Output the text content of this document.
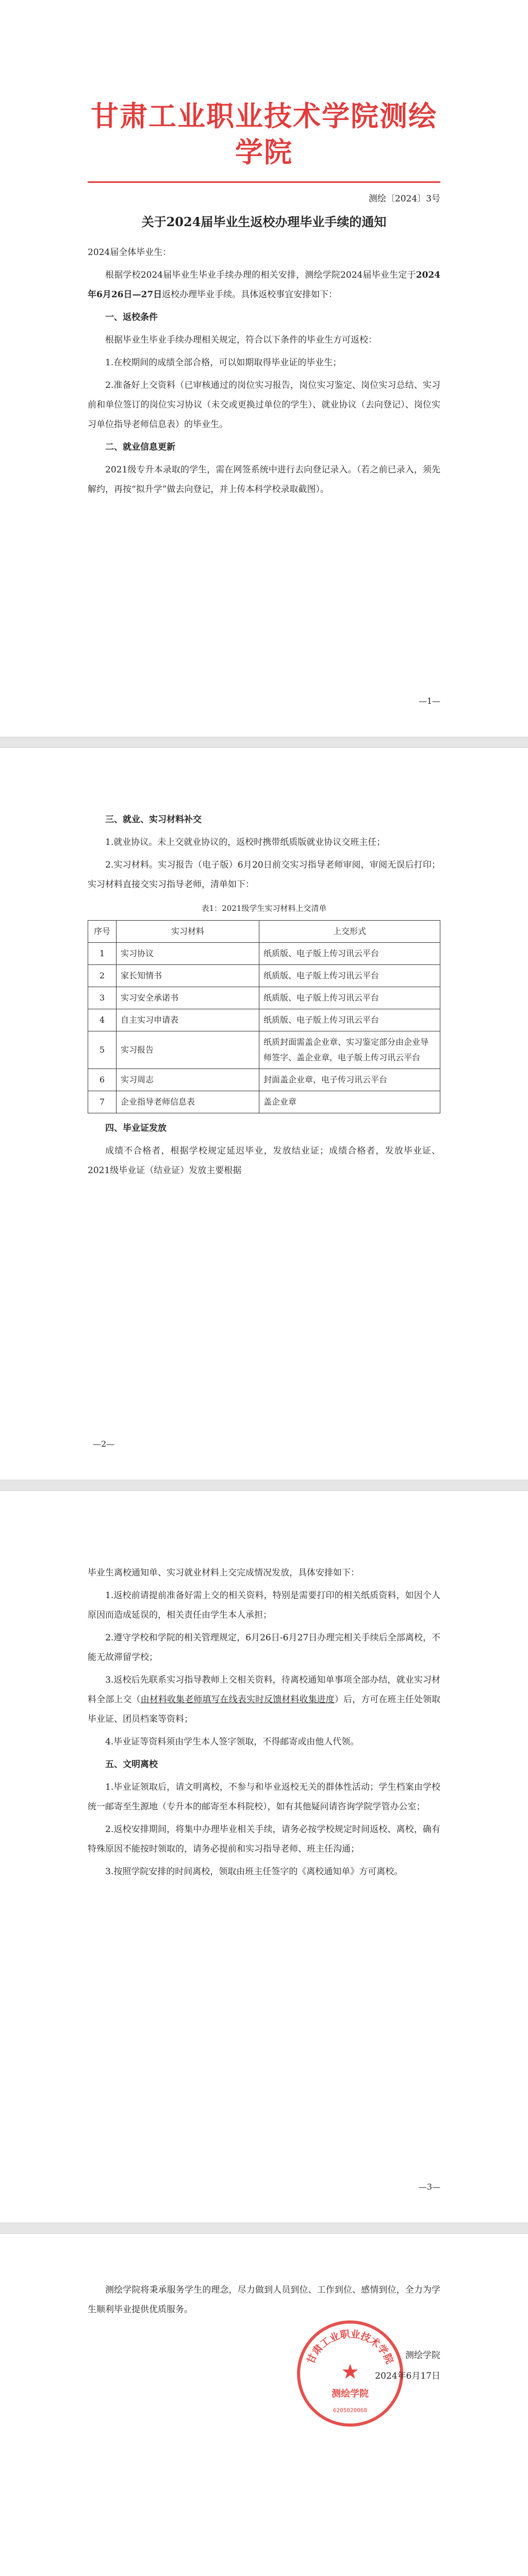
甘肃工业职业技术学院测绘学院
测绘〔2024〕3号
关于2024届毕业生返校办理毕业手续的通知

2024届全体毕业生：

根据学校2024届毕业生毕业手续办理的相关安排，测绘学院2024届毕业生定于2024年6月26日—27日返校办理毕业手续。具体返校事宜安排如下：

一、返校条件

根据毕业生毕业手续办理相关规定，符合以下条件的毕业生方可返校：

1.在校期间的成绩全部合格，可以如期取得毕业证的毕业生；

2.准备好上交资料（已审核通过的岗位实习报告，岗位实习鉴定、岗位实习总结、实习前和单位签订的岗位实习协议（未交或更换过单位的学生）、就业协议（去向登记）、岗位实习单位指导老师信息表）的毕业生。

二、就业信息更新

2021级专升本录取的学生，需在网签系统中进行去向登记录入。（若之前已录入，须先解约，再按“拟升学”做去向登记，并上传本科学校录取截图）。

—1—

三、就业、实习材料补交

1.就业协议。未上交就业协议的，返校时携带纸质版就业协议交班主任；

2.实习材料。实习报告（电子版）6月20日前交实习指导老师审阅，审阅无误后打印；实习材料直接交实习指导老师，清单如下：

表1：2021级学生实习材料上交清单
序号	实习材料	上交形式
1	实习协议	纸质版、电子版上传习讯云平台
2	家长知情书	纸质版、电子版上传习讯云平台
3	实习安全承诺书	纸质版、电子版上传习讯云平台
4	自主实习申请表	纸质版、电子版上传习讯云平台
5	实习报告	纸质封面需盖企业章、实习鉴定部分由企业导师签字、盖企业章，电子版上传习讯云平台
6	实习周志	封面盖企业章，电子传习讯云平台
7	企业指导老师信息表	盖企业章

四、毕业证发放

成绩不合格者，根据学校规定延迟毕业，发放结业证；成绩合格者，发放毕业证、2021级毕业证（结业证）发放主要根据

—2—

毕业生离校通知单、实习就业材料上交完成情况发放，具体安排如下：

1.返校前请提前准备好需上交的相关资料，特别是需要打印的相关纸质资料，如因个人原因而造成延误的，相关责任由学生本人承担；

2.遵守学校和学院的相关管理规定，6月26日-6月27日办理完相关手续后全部离校，不能无故滞留学校；

3.返校后先联系实习指导教师上交相关资料，待离校通知单事项全部办结，就业实习材料全部上交（由材料收集老师填写在线表实时反馈材料收集进度）后，方可在班主任处领取毕业证、团员档案等资料；

4.毕业证等资料须由学生本人签字领取，不得邮寄或由他人代领。

五、文明离校

1.毕业证领取后，请文明离校，不参与和毕业返校无关的群体性活动；学生档案由学校统一邮寄至生源地（专升本的邮寄至本科院校），如有其他疑问请咨询学院学管办公室；

2.返校安排期间，将集中办理毕业相关手续，请务必按学校规定时间返校、离校，确有特殊原因不能按时领取的，请务必提前和实习指导老师、班主任沟通；

3.按照学院安排的时间离校，领取由班主任签字的《离校通知单》方可离校。

—3—

测绘学院将秉承服务学生的理念，尽力做到人员到位、工作到位、感情到位，全力为学生顺利毕业提供优质服务。

甘肃工业职业技术学院
★
测绘学院
6205020068
测绘学院
2024年6月17日
